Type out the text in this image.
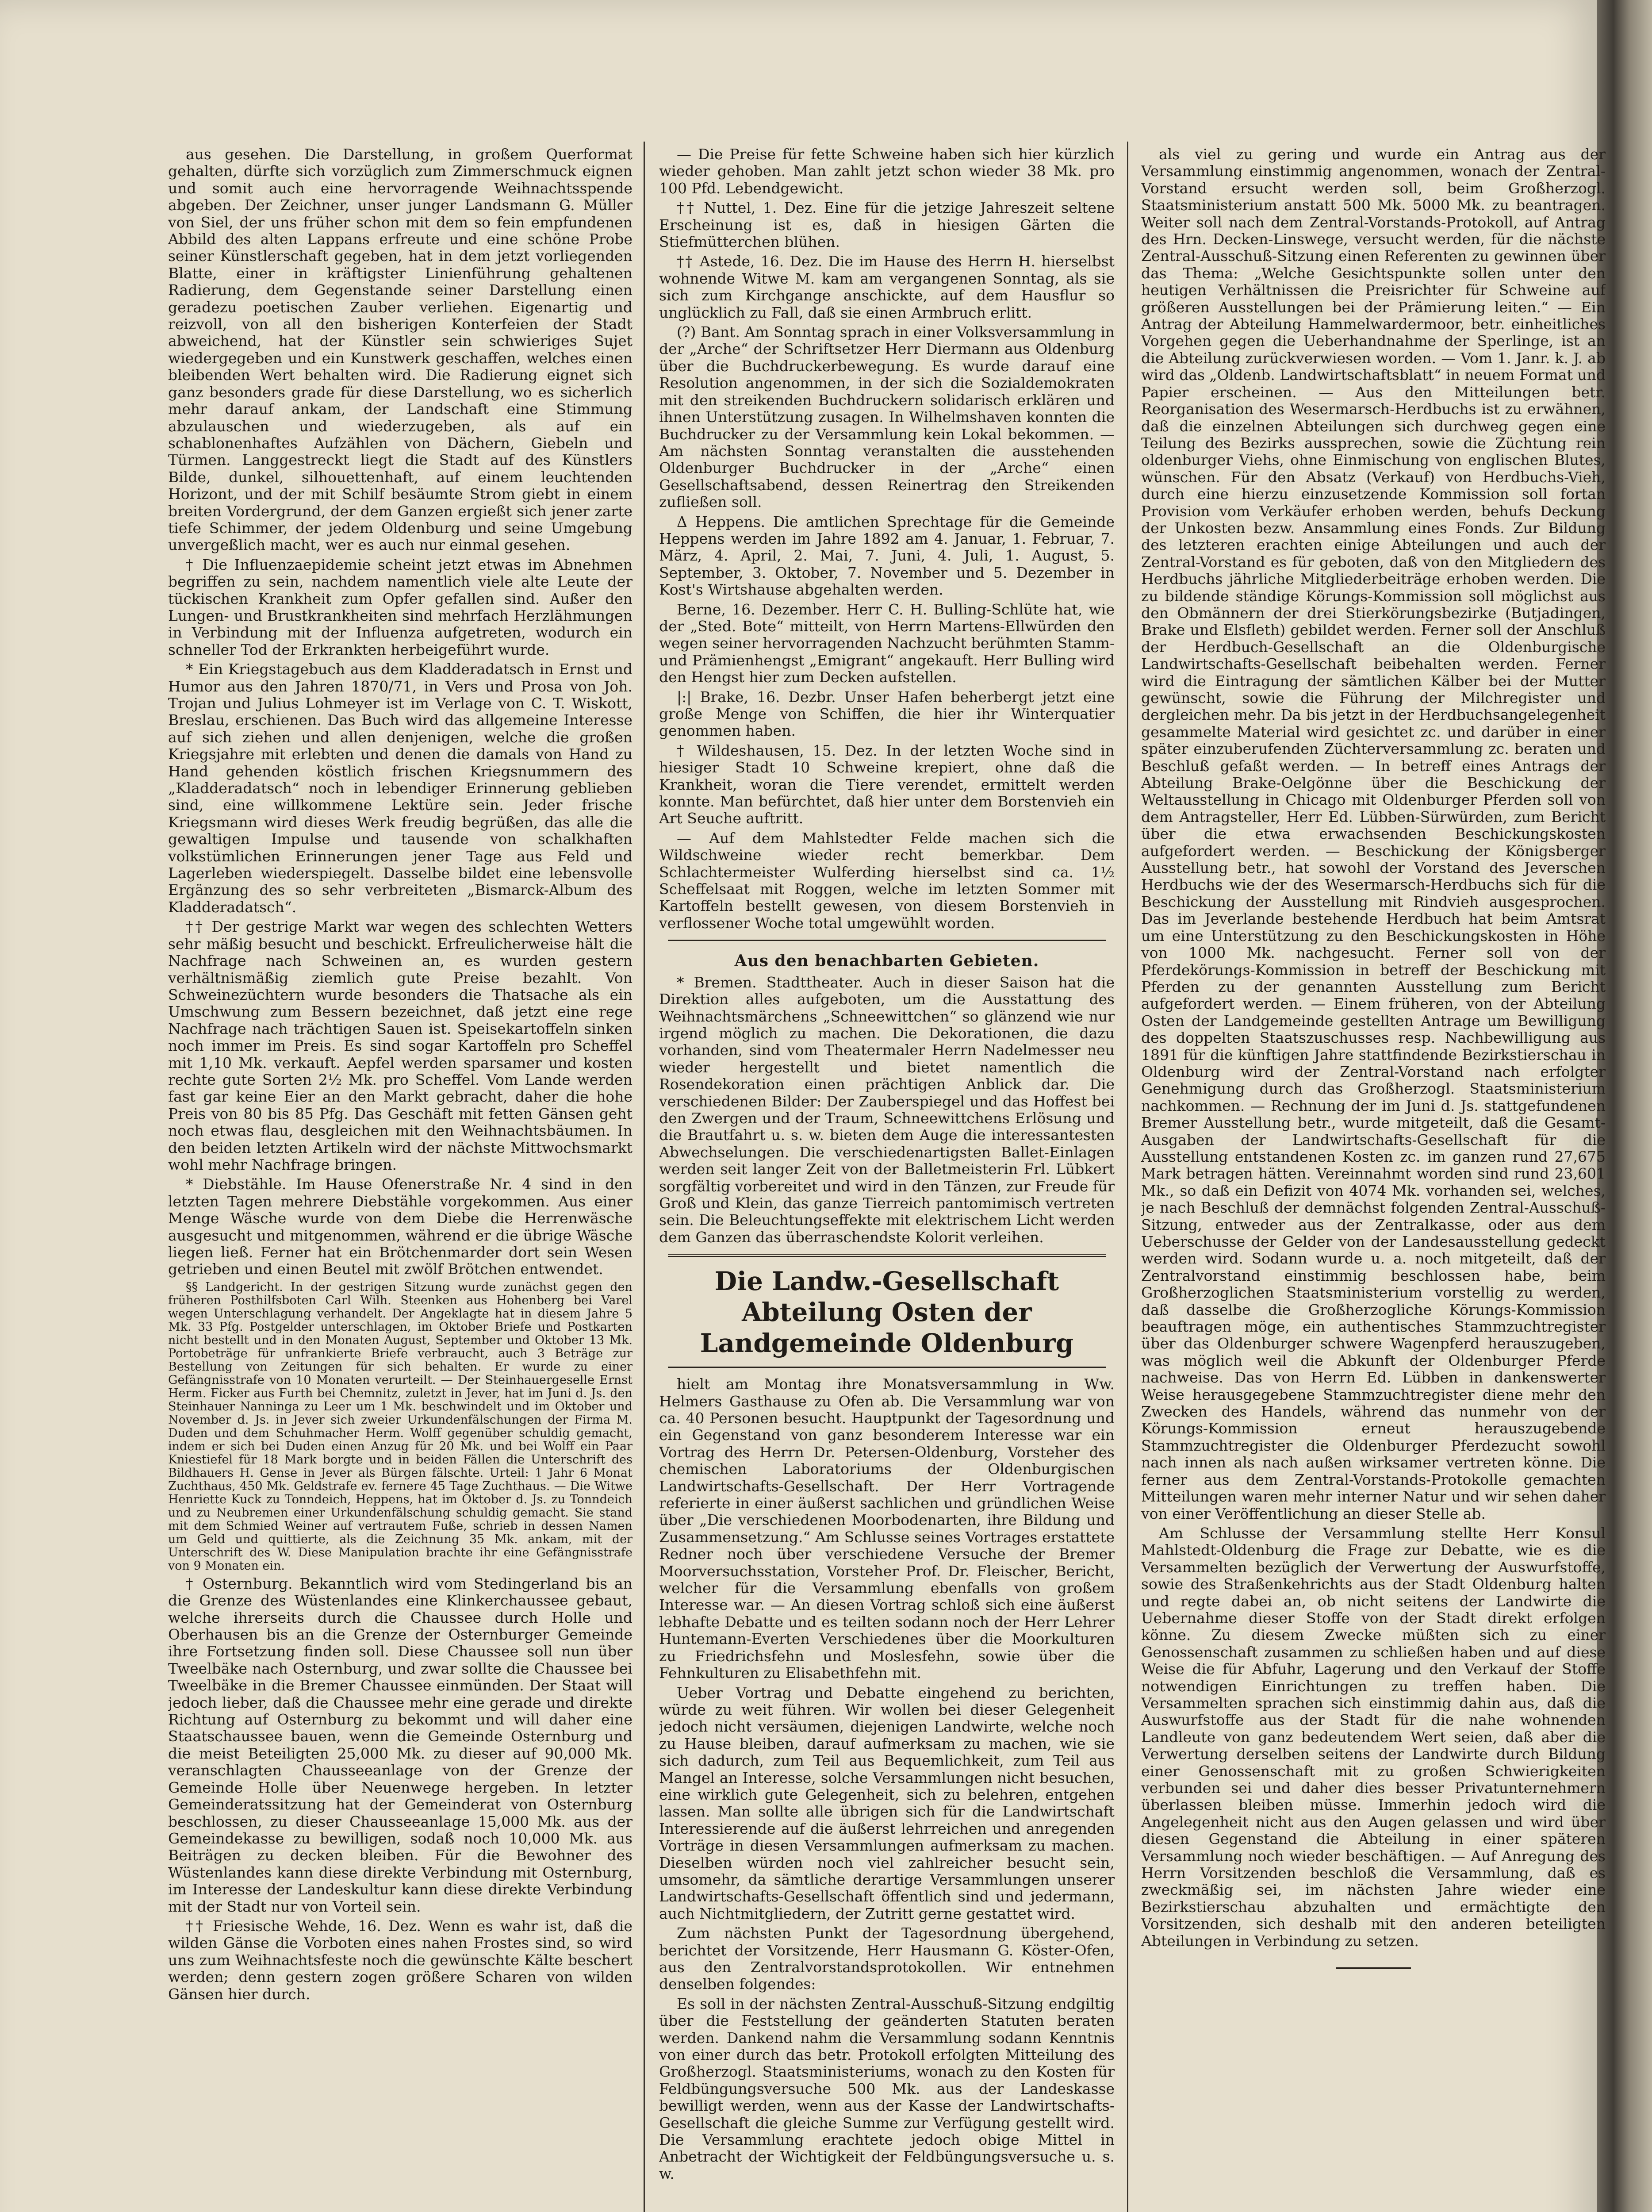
aus gesehen. Die Darstellung, in großem Querformat gehalten, dürfte sich vorzüglich zum Zimmerschmuck eignen und somit auch eine hervorragende Weihnachtsspende abgeben. Der Zeichner, unser junger Landsmann G. Müller von Siel, der uns früher schon mit dem so fein empfundenen Abbild des alten Lappans erfreute und eine schöne Probe seiner Künstlerschaft gegeben, hat in dem jetzt vorliegenden Blatte, einer in kräftigster Linienführung gehaltenen Radierung, dem Gegenstande seiner Darstellung einen geradezu poetischen Zauber verliehen. Eigenartig und reizvoll, von all den bisherigen Konterfeien der Stadt abweichend, hat der Künstler sein schwieriges Sujet wiedergegeben und ein Kunstwerk geschaffen, welches einen bleibenden Wert behalten wird. Die Radierung eignet sich ganz besonders grade für diese Darstellung, wo es sicherlich mehr darauf ankam, der Landschaft eine Stimmung abzulauschen und wiederzugeben, als auf ein schablonenhaftes Aufzählen von Dächern, Giebeln und Türmen. Langgestreckt liegt die Stadt auf des Künstlers Bilde, dunkel, silhouettenhaft, auf einem leuchtenden Horizont, und der mit Schilf besäumte Strom giebt in einem breiten Vordergrund, der dem Ganzen ergießt sich jener zarte tiefe Schimmer, der jedem Oldenburg und seine Umgebung unvergeßlich macht, wer es auch nur einmal gesehen.

† Die Influenzaepidemie scheint jetzt etwas im Abnehmen begriffen zu sein, nachdem namentlich viele alte Leute der tückischen Krankheit zum Opfer gefallen sind. Außer den Lungen- und Brustkrankheiten sind mehrfach Herzlähmungen in Verbindung mit der Influenza aufgetreten, wodurch ein schneller Tod der Erkrankten herbeigeführt wurde.

* Ein Kriegstagebuch aus dem Kladderadatsch in Ernst und Humor aus den Jahren 1870/71, in Vers und Prosa von Joh. Trojan und Julius Lohmeyer ist im Verlage von C. T. Wiskott, Breslau, erschienen. Das Buch wird das allgemeine Interesse auf sich ziehen und allen denjenigen, welche die großen Kriegsjahre mit erlebten und denen die damals von Hand zu Hand gehenden köstlich frischen Kriegsnummern des „Kladderadatsch“ noch in lebendiger Erinnerung geblieben sind, eine willkommene Lektüre sein. Jeder frische Kriegsmann wird dieses Werk freudig begrüßen, das alle die gewaltigen Impulse und tausende von schalkhaften volkstümlichen Erinnerungen jener Tage aus Feld und Lagerleben wiederspiegelt. Dasselbe bildet eine lebensvolle Ergänzung des so sehr verbreiteten „Bismarck-Album des Kladderadatsch“.

†† Der gestrige Markt war wegen des schlechten Wetters sehr mäßig besucht und beschickt. Erfreulicherweise hält die Nachfrage nach Schweinen an, es wurden gestern verhältnismäßig ziemlich gute Preise bezahlt. Von Schweinezüchtern wurde besonders die Thatsache als ein Umschwung zum Bessern bezeichnet, daß jetzt eine rege Nachfrage nach trächtigen Sauen ist. Speisekartoffeln sinken noch immer im Preis. Es sind sogar Kartoffeln pro Scheffel mit 1,10 Mk. verkauft. Aepfel werden sparsamer und kosten rechte gute Sorten 2½ Mk. pro Scheffel. Vom Lande werden fast gar keine Eier an den Markt gebracht, daher die hohe Preis von 80 bis 85 Pfg. Das Geschäft mit fetten Gänsen geht noch etwas flau, desgleichen mit den Weihnachtsbäumen. In den beiden letzten Artikeln wird der nächste Mittwochsmarkt wohl mehr Nachfrage bringen.

* Diebstähle. Im Hause Ofenerstraße Nr. 4 sind in den letzten Tagen mehrere Diebstähle vorgekommen. Aus einer Menge Wäsche wurde von dem Diebe die Herrenwäsche ausgesucht und mitgenommen, während er die übrige Wäsche liegen ließ. Ferner hat ein Brötchenmarder dort sein Wesen getrieben und einen Beutel mit zwölf Brötchen entwendet.

§§ Landgericht. In der gestrigen Sitzung wurde zunächst gegen den früheren Posthilfsboten Carl Wilh. Steenken aus Hohenberg bei Varel wegen Unterschlagung verhandelt. Der Angeklagte hat in diesem Jahre 5 Mk. 33 Pfg. Postgelder unterschlagen, im Oktober Briefe und Postkarten nicht bestellt und in den Monaten August, September und Oktober 13 Mk. Portobeträge für unfrankierte Briefe verbraucht, auch 3 Beträge zur Bestellung von Zeitungen für sich behalten. Er wurde zu einer Gefängnisstrafe von 10 Monaten verurteilt. — Der Steinhauergeselle Ernst Herm. Ficker aus Furth bei Chemnitz, zuletzt in Jever, hat im Juni d. Js. den Steinhauer Nanninga zu Leer um 1 Mk. beschwindelt und im Oktober und November d. Js. in Jever sich zweier Urkundenfälschungen der Firma M. Duden und dem Schuhmacher Herm. Wolff gegenüber schuldig gemacht, indem er sich bei Duden einen Anzug für 20 Mk. und bei Wolff ein Paar Kniestiefel für 18 Mark borgte und in beiden Fällen die Unterschrift des Bildhauers H. Gense in Jever als Bürgen fälschte. Urteil: 1 Jahr 6 Monat Zuchthaus, 450 Mk. Geldstrafe ev. fernere 45 Tage Zuchthaus. — Die Witwe Henriette Kuck zu Tonndeich, Heppens, hat im Oktober d. Js. zu Tonndeich und zu Neubremen einer Urkundenfälschung schuldig gemacht. Sie stand mit dem Schmied Weiner auf vertrautem Fuße, schrieb in dessen Namen um Geld und quittierte, als die Zeichnung 35 Mk. ankam, mit der Unterschrift des W. Diese Manipulation brachte ihr eine Gefängnisstrafe von 9 Monaten ein.

† Osternburg. Bekanntlich wird vom Stedingerland bis an die Grenze des Wüstenlandes eine Klinkerchaussee gebaut, welche ihrerseits durch die Chaussee durch Holle und Oberhausen bis an die Grenze der Osternburger Gemeinde ihre Fortsetzung finden soll. Diese Chaussee soll nun über Tweelbäke nach Osternburg, und zwar sollte die Chaussee bei Tweelbäke in die Bremer Chaussee einmünden. Der Staat will jedoch lieber, daß die Chaussee mehr eine gerade und direkte Richtung auf Osternburg zu bekommt und will daher eine Staatschaussee bauen, wenn die Gemeinde Osternburg und die meist Beteiligten 25,000 Mk. zu dieser auf 90,000 Mk. veranschlagten Chausseeanlage von der Grenze der Gemeinde Holle über Neuenwege hergeben. In letzter Gemeinderatssitzung hat der Gemeinderat von Osternburg beschlossen, zu dieser Chausseeanlage 15,000 Mk. aus der Gemeindekasse zu bewilligen, sodaß noch 10,000 Mk. aus Beiträgen zu decken bleiben. Für die Bewohner des Wüstenlandes kann diese direkte Verbindung mit Osternburg, im Interesse der Landeskultur kann diese direkte Verbindung mit der Stadt nur von Vorteil sein.

†† Friesische Wehde, 16. Dez. Wenn es wahr ist, daß die wilden Gänse die Vorboten eines nahen Frostes sind, so wird uns zum Weihnachtsfeste noch die gewünschte Kälte beschert werden; denn gestern zogen größere Scharen von wilden Gänsen hier durch.

— Die Preise für fette Schweine haben sich hier kürzlich wieder gehoben. Man zahlt jetzt schon wieder 38 Mk. pro 100 Pfd. Lebendgewicht.

†† Nuttel, 1. Dez. Eine für die jetzige Jahreszeit seltene Erscheinung ist es, daß in hiesigen Gärten die Stiefmütterchen blühen.

†† Astede, 16. Dez. Die im Hause des Herrn H. hierselbst wohnende Witwe M. kam am vergangenen Sonntag, als sie sich zum Kirchgange anschickte, auf dem Hausflur so unglücklich zu Fall, daß sie einen Armbruch erlitt.

(?) Bant. Am Sonntag sprach in einer Volksversammlung in der „Arche“ der Schriftsetzer Herr Diermann aus Oldenburg über die Buchdruckerbewegung. Es wurde darauf eine Resolution angenommen, in der sich die Sozialdemokraten mit den streikenden Buchdruckern solidarisch erklären und ihnen Unterstützung zusagen. In Wilhelmshaven konnten die Buchdrucker zu der Versammlung kein Lokal bekommen. — Am nächsten Sonntag veranstalten die ausstehenden Oldenburger Buchdrucker in der „Arche“ einen Gesellschaftsabend, dessen Reinertrag den Streikenden zufließen soll.

Δ Heppens. Die amtlichen Sprechtage für die Gemeinde Heppens werden im Jahre 1892 am 4. Januar, 1. Februar, 7. März, 4. April, 2. Mai, 7. Juni, 4. Juli, 1. August, 5. September, 3. Oktober, 7. November und 5. Dezember in Kost's Wirtshause abgehalten werden.

Berne, 16. Dezember. Herr C. H. Bulling-Schlüte hat, wie der „Sted. Bote“ mitteilt, von Herrn Martens-Ellwürden den wegen seiner hervorragenden Nachzucht berühmten Stamm- und Prämienhengst „Emigrant“ angekauft. Herr Bulling wird den Hengst hier zum Decken aufstellen.

|:| Brake, 16. Dezbr. Unser Hafen beherbergt jetzt eine große Menge von Schiffen, die hier ihr Winterquatier genommen haben.

† Wildeshausen, 15. Dez. In der letzten Woche sind in hiesiger Stadt 10 Schweine krepiert, ohne daß die Krankheit, woran die Tiere verendet, ermittelt werden konnte. Man befürchtet, daß hier unter dem Borstenvieh ein Art Seuche auftritt.

— Auf dem Mahlstedter Felde machen sich die Wildschweine wieder recht bemerkbar. Dem Schlachtermeister Wulferding hierselbst sind ca. 1½ Scheffelsaat mit Roggen, welche im letzten Sommer mit Kartoffeln bestellt gewesen, von diesem Borstenvieh in verflossener Woche total umgewühlt worden.

Aus den benachbarten Gebieten.

* Bremen. Stadttheater. Auch in dieser Saison hat die Direktion alles aufgeboten, um die Ausstattung des Weihnachtsmärchens „Schneewittchen“ so glänzend wie nur irgend möglich zu machen. Die Dekorationen, die dazu vorhanden, sind vom Theatermaler Herrn Nadelmesser neu wieder hergestellt und bietet namentlich die Rosendekoration einen prächtigen Anblick dar. Die verschiedenen Bilder: Der Zauberspiegel und das Hoffest bei den Zwergen und der Traum, Schneewittchens Erlösung und die Brautfahrt u. s. w. bieten dem Auge die interessantesten Abwechselungen. Die verschiedenartigsten Ballet-Einlagen werden seit langer Zeit von der Balletmeisterin Frl. Lübkert sorgfältig vorbereitet und wird in den Tänzen, zur Freude für Groß und Klein, das ganze Tierreich pantomimisch vertreten sein. Die Beleuchtungseffekte mit elektrischem Licht werden dem Ganzen das überraschendste Kolorit verleihen.

Die Landw.-Gesellschaft Abteilung Osten der Landgemeinde Oldenburg

hielt am Montag ihre Monatsversammlung in Ww. Helmers Gasthause zu Ofen ab. Die Versammlung war von ca. 40 Personen besucht. Hauptpunkt der Tagesordnung und ein Gegenstand von ganz besonderem Interesse war ein Vortrag des Herrn Dr. Petersen-Oldenburg, Vorsteher des chemischen Laboratoriums der Oldenburgischen Landwirtschafts-Gesellschaft. Der Herr Vortragende referierte in einer äußerst sachlichen und gründlichen Weise über „Die verschiedenen Moorbodenarten, ihre Bildung und Zusammensetzung.“ Am Schlusse seines Vortrages erstattete Redner noch über verschiedene Versuche der Bremer Moorversuchsstation, Vorsteher Prof. Dr. Fleischer, Bericht, welcher für die Versammlung ebenfalls von großem Interesse war. — An diesen Vortrag schloß sich eine äußerst lebhafte Debatte und es teilten sodann noch der Herr Lehrer Huntemann-Everten Verschiedenes über die Moorkulturen zu Friedrichsfehn und Moslesfehn, sowie über die Fehnkulturen zu Elisabethfehn mit.

Ueber Vortrag und Debatte eingehend zu berichten, würde zu weit führen. Wir wollen bei dieser Gelegenheit jedoch nicht versäumen, diejenigen Landwirte, welche noch zu Hause bleiben, darauf aufmerksam zu machen, wie sie sich dadurch, zum Teil aus Bequemlichkeit, zum Teil aus Mangel an Interesse, solche Versammlungen nicht besuchen, eine wirklich gute Gelegenheit, sich zu belehren, entgehen lassen. Man sollte alle übrigen sich für die Landwirtschaft Interessierende auf die äußerst lehrreichen und anregenden Vorträge in diesen Versammlungen aufmerksam zu machen. Dieselben würden noch viel zahlreicher besucht sein, umsomehr, da sämtliche derartige Versammlungen unserer Landwirtschafts-Gesellschaft öffentlich sind und jedermann, auch Nichtmitgliedern, der Zutritt gerne gestattet wird.

Zum nächsten Punkt der Tagesordnung übergehend, berichtet der Vorsitzende, Herr Hausmann G. Köster-Ofen, aus den Zentralvorstandsprotokollen. Wir entnehmen denselben folgendes:

Es soll in der nächsten Zentral-Ausschuß-Sitzung endgiltig über die Feststellung der geänderten Statuten beraten werden. Dankend nahm die Versammlung sodann Kenntnis von einer durch das betr. Protokoll erfolgten Mitteilung des Großherzogl. Staatsministeriums, wonach zu den Kosten für Feldbüngungsversuche 500 Mk. aus der Landeskasse bewilligt werden, wenn aus der Kasse der Landwirtschafts-Gesellschaft die gleiche Summe zur Verfügung gestellt wird. Die Versammlung erachtete jedoch obige Mittel in Anbetracht der Wichtigkeit der Feldbüngungsversuche u. s. w.

als viel zu gering und wurde ein Antrag aus der Versammlung einstimmig angenommen, wonach der Zentral-Vorstand ersucht werden soll, beim Großherzogl. Staatsministerium anstatt 500 Mk. 5000 Mk. zu beantragen. Weiter soll nach dem Zentral-Vorstands-Protokoll, auf Antrag des Hrn. Decken-Linswege, versucht werden, für die nächste Zentral-Ausschuß-Sitzung einen Referenten zu gewinnen über das Thema: „Welche Gesichtspunkte sollen unter den heutigen Verhältnissen die Preisrichter für Schweine auf größeren Ausstellungen bei der Prämierung leiten.“ — Ein Antrag der Abteilung Hammelwardermoor, betr. einheitliches Vorgehen gegen die Ueberhandnahme der Sperlinge, ist an die Abteilung zurückverwiesen worden. — Vom 1. Janr. k. J. ab wird das „Oldenb. Landwirtschaftsblatt“ in neuem Format und Papier erscheinen. — Aus den Mitteilungen betr. Reorganisation des Wesermarsch-Herdbuchs ist zu erwähnen, daß die einzelnen Abteilungen sich durchweg gegen eine Teilung des Bezirks aussprechen, sowie die Züchtung rein oldenburger Viehs, ohne Einmischung von englischen Blutes, wünschen. Für den Absatz (Verkauf) von Herdbuchs-Vieh, durch eine hierzu einzusetzende Kommission soll fortan Provision vom Verkäufer erhoben werden, behufs Deckung der Unkosten bezw. Ansammlung eines Fonds. Zur Bildung des letzteren erachten einige Abteilungen und auch der Zentral-Vorstand es für geboten, daß von den Mitgliedern des Herdbuchs jährliche Mitgliederbeiträge erhoben werden. Die zu bildende ständige Körungs-Kommission soll möglichst aus den Obmännern der drei Stierkörungsbezirke (Butjadingen, Brake und Elsfleth) gebildet werden. Ferner soll der Anschluß der Herdbuch-Gesellschaft an die Oldenburgische Landwirtschafts-Gesellschaft beibehalten werden. Ferner wird die Eintragung der sämtlichen Kälber bei der Mutter gewünscht, sowie die Führung der Milchregister und dergleichen mehr. Da bis jetzt in der Herdbuchsangelegenheit gesammelte Material wird gesichtet zc. und darüber in einer später einzuberufenden Züchterversammlung zc. beraten und Beschluß gefaßt werden. — In betreff eines Antrags der Abteilung Brake-Oelgönne über die Beschickung der Weltausstellung in Chicago mit Oldenburger Pferden soll von dem Antragsteller, Herr Ed. Lübben-Sürwürden, zum Bericht über die etwa erwachsenden Beschickungskosten aufgefordert werden. — Beschickung der Königsberger Ausstellung betr., hat sowohl der Vorstand des Jeverschen Herdbuchs wie der des Wesermarsch-Herdbuchs sich für die Beschickung der Ausstellung mit Rindvieh ausgesprochen. Das im Jeverlande bestehende Herdbuch hat beim Amtsrat um eine Unterstützung zu den Beschickungskosten in Höhe von 1000 Mk. nachgesucht. Ferner soll von der Pferdekörungs-Kommission in betreff der Beschickung mit Pferden zu der genannten Ausstellung zum Bericht aufgefordert werden. — Einem früheren, von der Abteilung Osten der Landgemeinde gestellten Antrage um Bewilligung des doppelten Staatszuschusses resp. Nachbewilligung aus 1891 für die künftigen Jahre stattfindende Bezirkstierschau in Oldenburg wird der Zentral-Vorstand nach erfolgter Genehmigung durch das Großherzogl. Staatsministerium nachkommen. — Rechnung der im Juni d. Js. stattgefundenen Bremer Ausstellung betr., wurde mitgeteilt, daß die Gesamt-Ausgaben der Landwirtschafts-Gesellschaft für die Ausstellung entstandenen Kosten zc. im ganzen rund 27,675 Mark betragen hätten. Vereinnahmt worden sind rund 23,601 Mk., so daß ein Defizit von 4074 Mk. vorhanden sei, welches, je nach Beschluß der demnächst folgenden Zentral-Ausschuß-Sitzung, entweder aus der Zentralkasse, oder aus dem Ueberschusse der Gelder von der Landesausstellung gedeckt werden wird. Sodann wurde u. a. noch mitgeteilt, daß der Zentralvorstand einstimmig beschlossen habe, beim Großherzoglichen Staatsministerium vorstellig zu werden, daß dasselbe die Großherzogliche Körungs-Kommission beauftragen möge, ein authentisches Stammzuchtregister über das Oldenburger schwere Wagenpferd herauszugeben, was möglich weil die Abkunft der Oldenburger Pferde nachweise. Das von Herrn Ed. Lübben in dankenswerter Weise herausgegebene Stammzuchtregister diene mehr den Zwecken des Handels, während das nunmehr von der Körungs-Kommission erneut herauszugebende Stammzuchtregister die Oldenburger Pferdezucht sowohl nach innen als nach außen wirksamer vertreten könne. Die ferner aus dem Zentral-Vorstands-Protokolle gemachten Mitteilungen waren mehr interner Natur und wir sehen daher von einer Veröffentlichung an dieser Stelle ab.

Am Schlusse der Versammlung stellte Herr Konsul Mahlstedt-Oldenburg die Frage zur Debatte, wie es die Versammelten bezüglich der Verwertung der Auswurfstoffe, sowie des Straßenkehrichts aus der Stadt Oldenburg halten und regte dabei an, ob nicht seitens der Landwirte die Uebernahme dieser Stoffe von der Stadt direkt erfolgen könne. Zu diesem Zwecke müßten sich zu einer Genossenschaft zusammen zu schließen haben und auf diese Weise die für Abfuhr, Lagerung und den Verkauf der Stoffe notwendigen Einrichtungen zu treffen haben. Die Versammelten sprachen sich einstimmig dahin aus, daß die Auswurfstoffe aus der Stadt für die nahe wohnenden Landleute von ganz bedeutendem Wert seien, daß aber die Verwertung derselben seitens der Landwirte durch Bildung einer Genossenschaft mit zu großen Schwierigkeiten verbunden sei und daher dies besser Privatunternehmern überlassen bleiben müsse. Immerhin jedoch wird die Angelegenheit nicht aus den Augen gelassen und wird über diesen Gegenstand die Abteilung in einer späteren Versammlung noch wieder beschäftigen. — Auf Anregung des Herrn Vorsitzenden beschloß die Versammlung, daß es zweckmäßig sei, im nächsten Jahre wieder eine Bezirkstierschau abzuhalten und ermächtigte den Vorsitzenden, sich deshalb mit den anderen beteiligten Abteilungen in Verbindung zu setzen.
